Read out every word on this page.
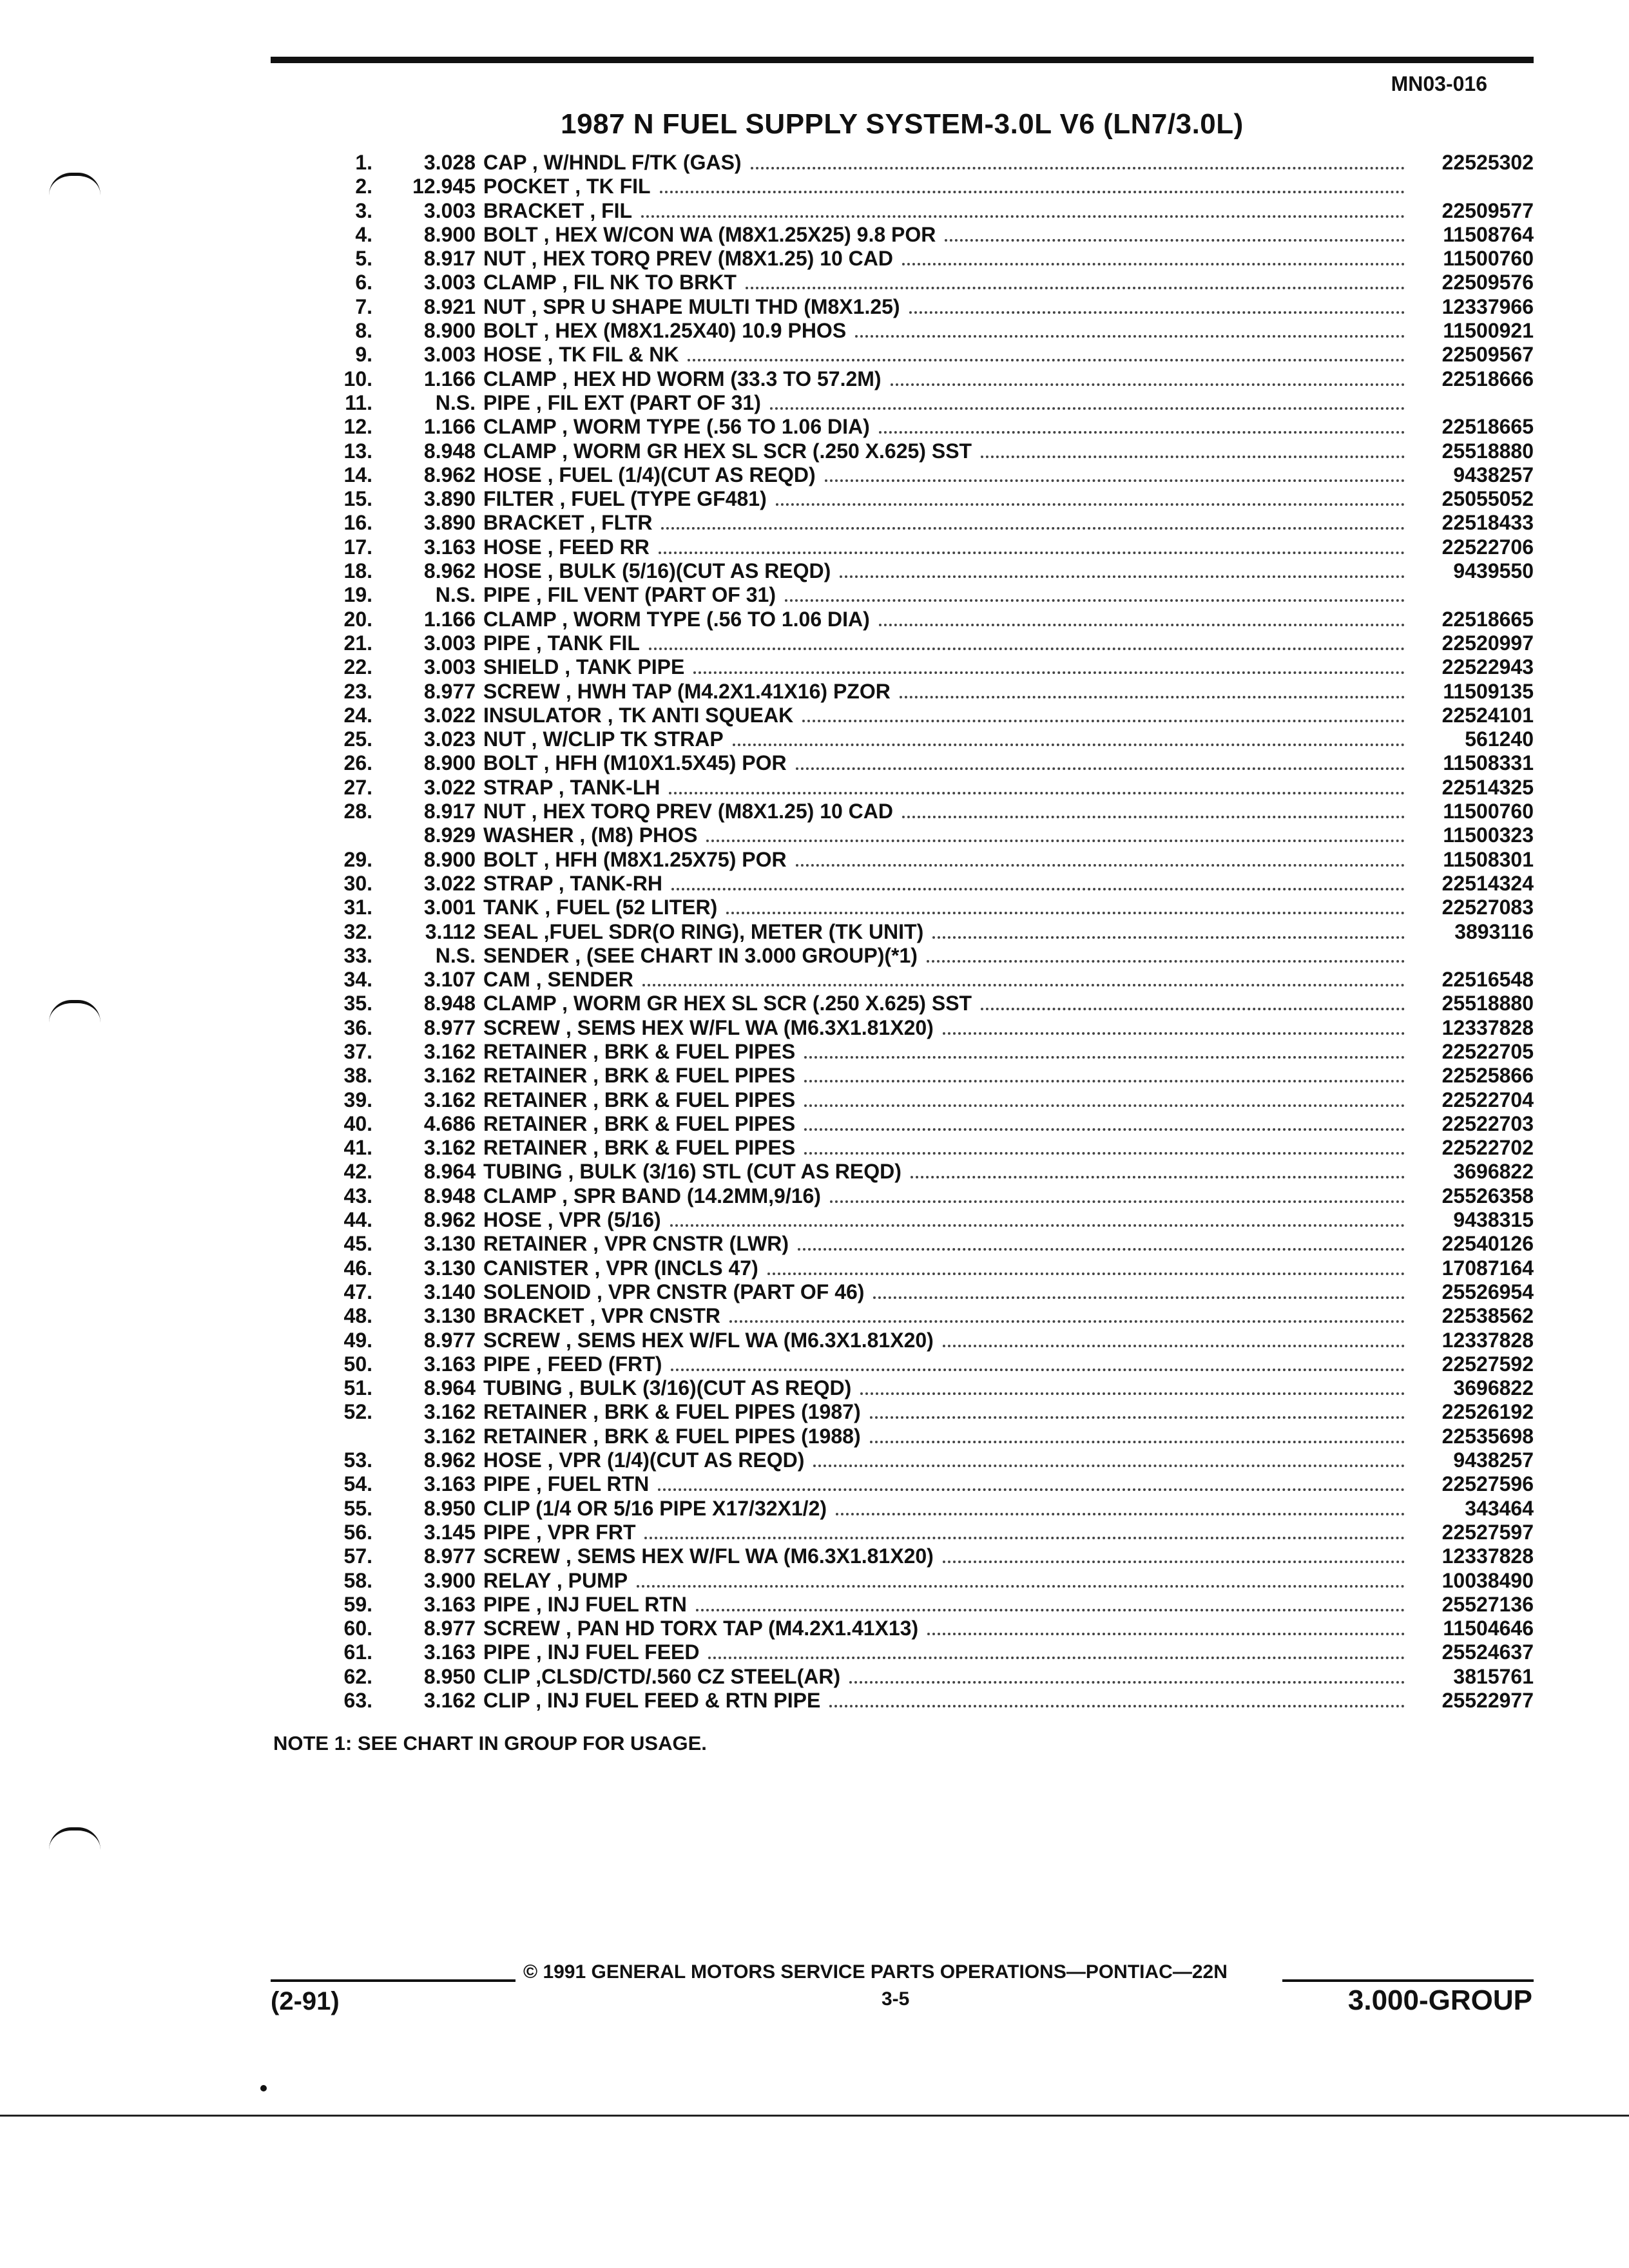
MN03-016
1987 N FUEL SUPPLY SYSTEM-3.0L V6 (LN7/3.0L)
1.	3.028 CAP , W/HNDL F/TK (GAS)	22525302
2.	12.945 POCKET , TK FIL
3.	3.003 BRACKET , FIL	22509577
4.	8.900 BOLT , HEX W/CON WA (M8X1.25X25) 9.8 POR	11508764
5.	8.917 NUT , HEX TORQ PREV (M8X1.25) 10 CAD	11500760
6.	3.003 CLAMP , FIL NK TO BRKT	22509576
7.	8.921 NUT , SPR U SHAPE MULTI THD (M8X1.25)	12337966
8.	8.900 BOLT , HEX (M8X1.25X40) 10.9 PHOS	11500921
9.	3.003 HOSE , TK FIL & NK	22509567
10.	1.166 CLAMP , HEX HD WORM (33.3 TO 57.2M)	22518666
11.	N.S. PIPE , FIL EXT (PART OF 31)
12.	1.166 CLAMP , WORM TYPE (.56 TO 1.06 DIA)	22518665
13.	8.948 CLAMP , WORM GR HEX SL SCR (.250 X.625) SST	25518880
14.	8.962 HOSE , FUEL (1/4)(CUT AS REQD)	9438257
15.	3.890 FILTER , FUEL (TYPE GF481)	25055052
16.	3.890 BRACKET , FLTR	22518433
17.	3.163 HOSE , FEED RR	22522706
18.	8.962 HOSE , BULK (5/16)(CUT AS REQD)	9439550
19.	N.S. PIPE , FIL VENT (PART OF 31)
20.	1.166 CLAMP , WORM TYPE (.56 TO 1.06 DIA)	22518665
21.	3.003 PIPE , TANK FIL	22520997
22.	3.003 SHIELD , TANK PIPE	22522943
23.	8.977 SCREW , HWH TAP (M4.2X1.41X16) PZOR	11509135
24.	3.022 INSULATOR , TK ANTI SQUEAK	22524101
25.	3.023 NUT , W/CLIP TK STRAP	561240
26.	8.900 BOLT , HFH (M10X1.5X45) POR	11508331
27.	3.022 STRAP , TANK-LH	22514325
28.	8.917 NUT , HEX TORQ PREV (M8X1.25) 10 CAD	11500760
8.929 WASHER , (M8) PHOS	11500323
29.	8.900 BOLT , HFH (M8X1.25X75) POR	11508301
30.	3.022 STRAP , TANK-RH	22514324
31.	3.001 TANK , FUEL (52 LITER)	22527083
32.	3.112 SEAL ,FUEL SDR(O RING), METER (TK UNIT)	3893116
33.	N.S. SENDER , (SEE CHART IN 3.000 GROUP)(*1)
34.	3.107 CAM , SENDER	22516548
35.	8.948 CLAMP , WORM GR HEX SL SCR (.250 X.625) SST	25518880
36.	8.977 SCREW , SEMS HEX W/FL WA (M6.3X1.81X20)	12337828
37.	3.162 RETAINER , BRK & FUEL PIPES	22522705
38.	3.162 RETAINER , BRK & FUEL PIPES	22525866
39.	3.162 RETAINER , BRK & FUEL PIPES	22522704
40.	4.686 RETAINER , BRK & FUEL PIPES	22522703
41.	3.162 RETAINER , BRK & FUEL PIPES	22522702
42.	8.964 TUBING , BULK (3/16) STL (CUT AS REQD)	3696822
43.	8.948 CLAMP , SPR BAND (14.2MM,9/16)	25526358
44.	8.962 HOSE , VPR (5/16)	9438315
45.	3.130 RETAINER , VPR CNSTR (LWR)	22540126
46.	3.130 CANISTER , VPR (INCLS 47)	17087164
47.	3.140 SOLENOID , VPR CNSTR (PART OF 46)	25526954
48.	3.130 BRACKET , VPR CNSTR	22538562
49.	8.977 SCREW , SEMS HEX W/FL WA (M6.3X1.81X20)	12337828
50.	3.163 PIPE , FEED (FRT)	22527592
51.	8.964 TUBING , BULK (3/16)(CUT AS REQD)	3696822
52.	3.162 RETAINER , BRK & FUEL PIPES (1987)	22526192
3.162 RETAINER , BRK & FUEL PIPES (1988)	22535698
53.	8.962 HOSE , VPR (1/4)(CUT AS REQD)	9438257
54.	3.163 PIPE , FUEL RTN	22527596
55.	8.950 CLIP (1/4 OR 5/16 PIPE X17/32X1/2)	343464
56.	3.145 PIPE , VPR FRT	22527597
57.	8.977 SCREW , SEMS HEX W/FL WA (M6.3X1.81X20)	12337828
58.	3.900 RELAY , PUMP	10038490
59.	3.163 PIPE , INJ FUEL RTN	25527136
60.	8.977 SCREW , PAN HD TORX TAP (M4.2X1.41X13)	11504646
61.	3.163 PIPE , INJ FUEL FEED	25524637
62.	8.950 CLIP ,CLSD/CTD/.560 CZ STEEL(AR)	3815761
63.	3.162 CLIP , INJ FUEL FEED & RTN PIPE	25522977
NOTE 1: SEE CHART IN GROUP FOR USAGE.
© 1991 GENERAL MOTORS SERVICE PARTS OPERATIONS—PONTIAC—22N
(2-91)	3-5	3.000-GROUP
